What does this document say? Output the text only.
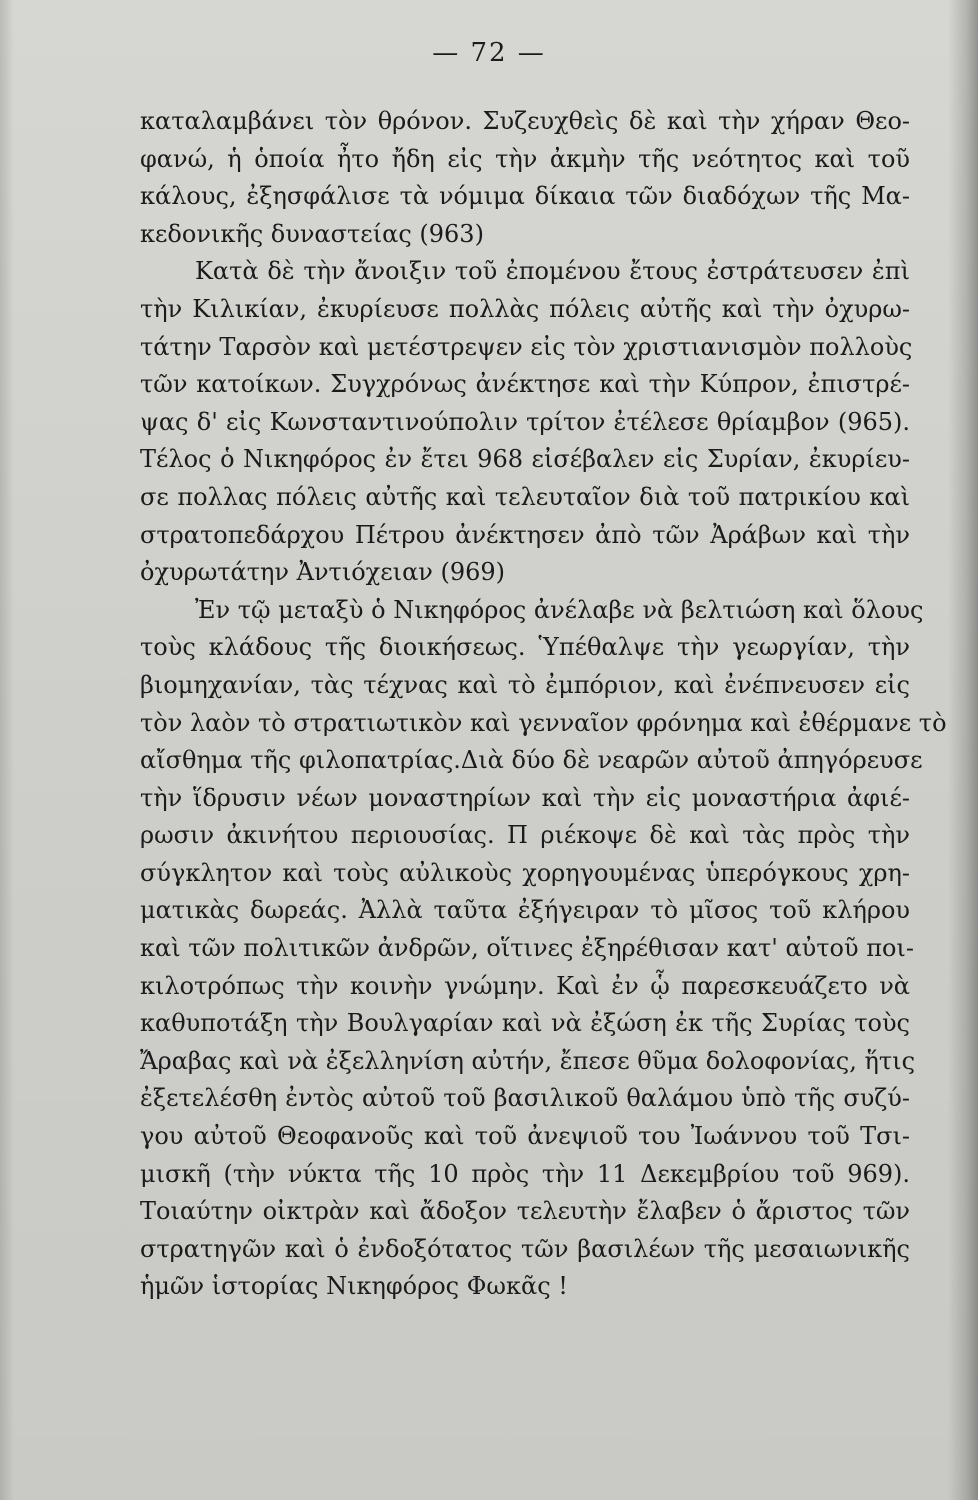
— 72 —
καταλαμβάνει τὸν θρόνον. Συζευχθεὶς δὲ καὶ τὴν χήραν Θεο-
φανώ, ἡ ὁποία ἦτο ἤδη εἰς τὴν ἀκμὴν τῆς νεότητος καὶ τοῦ
κάλους, ἐξησφάλισε τὰ νόμιμα δίκαια τῶν διαδόχων τῆς Μα-
κεδονικῆς δυναστείας (963)
Κατὰ δὲ τὴν ἄνοιξιν τοῦ ἐπομένου ἔτους ἐστράτευσεν ἐπὶ
τὴν Κιλικίαν, ἐκυρίευσε πολλὰς πόλεις αὐτῆς καὶ τὴν ὀχυρω-
τάτην Ταρσὸν καὶ μετέστρεψεν εἰς τὸν χριστιανισμὸν πολλοὺς
τῶν κατοίκων. Συγχρόνως ἀνέκτησε καὶ τὴν Κύπρον, ἐπιστρέ-
ψας δ' εἰς Κωνσταντινούπολιν τρίτον ἐτέλεσε θρίαμβον (965).
Τέλος ὁ Νικηφόρος ἐν ἔτει 968 εἰσέβαλεν εἰς Συρίαν, ἐκυρίευ-
σε πολλας πόλεις αὐτῆς καὶ τελευταῖον διὰ τοῦ πατρικίου καὶ
στρατοπεδάρχου Πέτρου ἀνέκτησεν ἀπὸ τῶν Ἀράβων καὶ τὴν
ὀχυρωτάτην Ἀντιόχειαν (969)
Ἐν τῷ μεταξὺ ὁ Νικηφόρος ἀνέλαβε νὰ βελτιώση καὶ ὅλους
τοὺς κλάδους τῆς διοικήσεως. Ὑπέθαλψε τὴν γεωργίαν, τὴν
βιομηχανίαν, τὰς τέχνας καὶ τὸ ἐμπόριον, καὶ ἐνέπνευσεν εἰς
τὸν λαὸν τὸ στρατιωτικὸν καὶ γενναῖον φρόνημα καὶ ἐθέρμανε τὸ
αἴσθημα τῆς φιλοπατρίας.Διὰ δύο δὲ νεαρῶν αὐτοῦ ἀπηγόρευσε
τὴν ἵδρυσιν νέων μοναστηρίων καὶ τὴν εἰς μοναστήρια ἀφιέ-
ρωσιν ἀκινήτου περιουσίας. Π ριέκοψε δὲ καὶ τὰς πρὸς τὴν
σύγκλητον καὶ τοὺς αὐλικοὺς χορηγουμένας ὑπερόγκους χρη-
ματικὰς δωρεάς. Ἀλλὰ ταῦτα ἐξήγειραν τὸ μῖσος τοῦ κλήρου
καὶ τῶν πολιτικῶν ἀνδρῶν, οἵτινες ἐξηρέθισαν κατ' αὐτοῦ ποι-
κιλοτρόπως τὴν κοινὴν γνώμην. Καὶ ἐν ᾧ παρεσκευάζετο νὰ
καθυποτάξη τὴν Βουλγαρίαν καὶ νὰ ἐξώση ἐκ τῆς Συρίας τοὺς
Ἄραβας καὶ νὰ ἐξελληνίση αὐτήν, ἔπεσε θῦμα δολοφονίας, ἥτις
ἐξετελέσθη ἐντὸς αὐτοῦ τοῦ βασιλικοῦ θαλάμου ὑπὸ τῆς συζύ-
γου αὐτοῦ Θεοφανοῦς καὶ τοῦ ἀνεψιοῦ του Ἰωάννου τοῦ Τσι-
μισκῆ (τὴν νύκτα τῆς 10 πρὸς τὴν 11 Δεκεμβρίου τοῦ 969).
Τοιαύτην οἰκτρὰν καὶ ἄδοξον τελευτὴν ἔλαβεν ὁ ἄριστος τῶν
στρατηγῶν καὶ ὁ ἐνδοξότατος τῶν βασιλέων τῆς μεσαιωνικῆς
ἡμῶν ἱστορίας Νικηφόρος Φωκᾶς !
